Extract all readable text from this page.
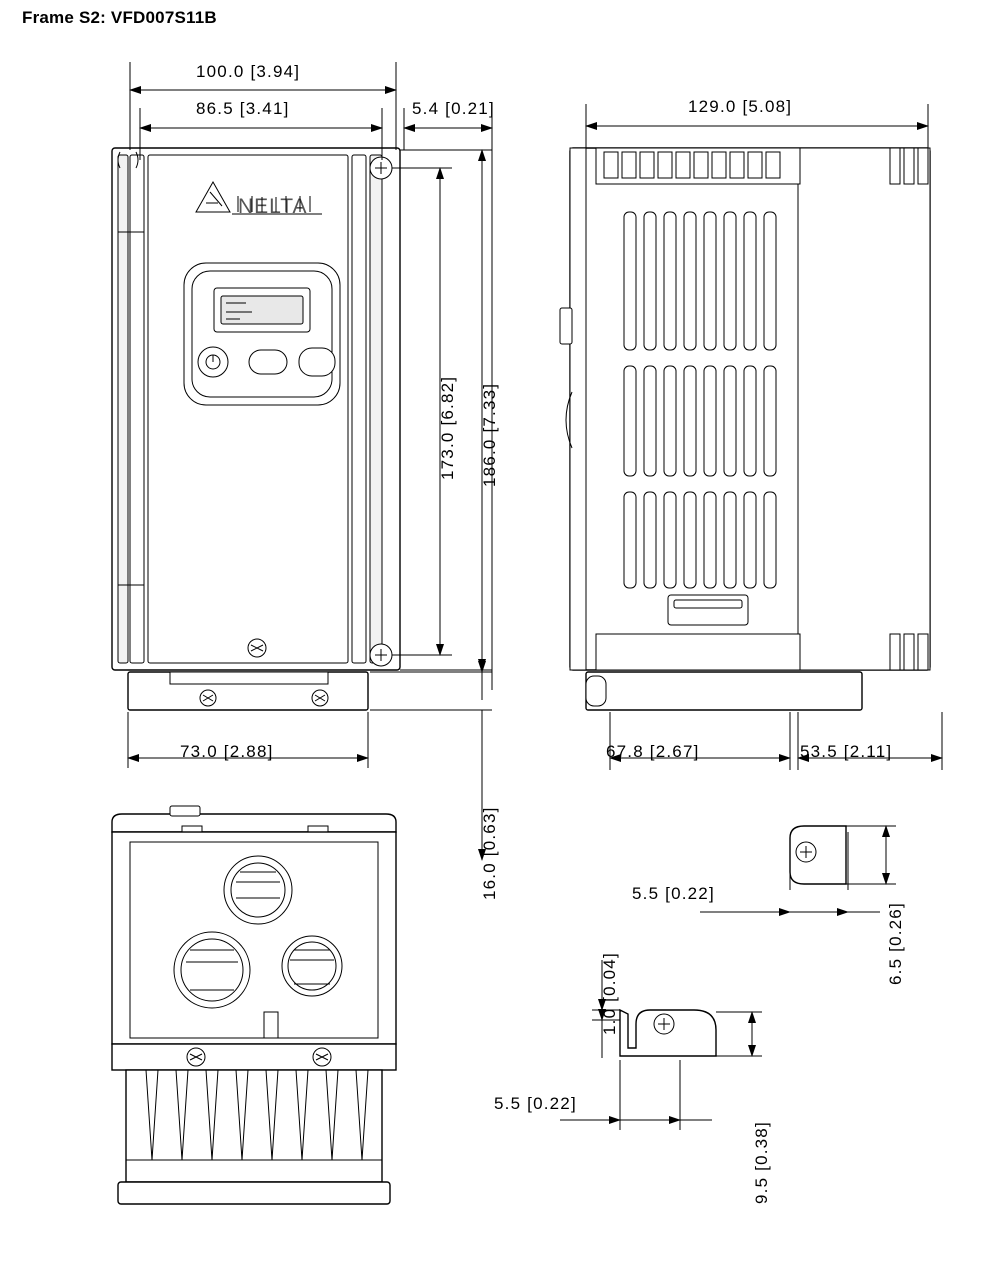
Frame S2: VFD007S11B
NELTA
100.0 [3.94]
86.5 [3.41]	5.4 [0.21]	129.0 [5.08]
173.0 [6.82] 186.0 [7.33]
16.0 [0.63]
73.0 [2.88]	67.8 [2.67]	53.5 [2.11]
5.5 [0.22]
6.5 [0.26]
1.0 [0.04]
5.5 [0.22]
9.5 [0.38]
